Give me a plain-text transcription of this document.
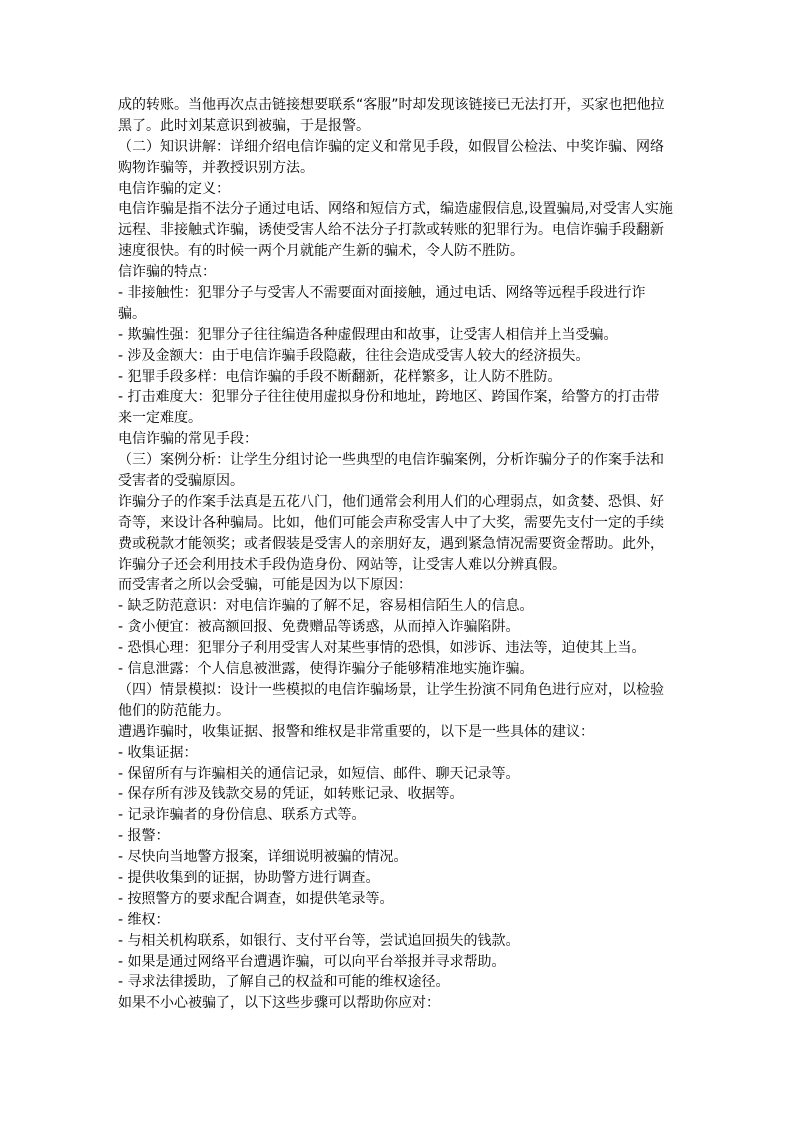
成的转账。当他再次点击链接想要联系“客服”时却发现该链接已无法打开，买家也把他拉
黑了。此时刘某意识到被骗，于是报警。
（二）知识讲解：详细介绍电信诈骗的定义和常见手段，如假冒公检法、中奖诈骗、网络
购物诈骗等，并教授识别方法。
电信诈骗的定义：
电信诈骗是指不法分子通过电话、网络和短信方式，编造虚假信息,设置骗局,对受害人实施
远程、非接触式诈骗，诱使受害人给不法分子打款或转账的犯罪行为。电信诈骗手段翻新
速度很快。有的时候一两个月就能产生新的骗术，令人防不胜防。
信诈骗的特点：
- 非接触性：犯罪分子与受害人不需要面对面接触，通过电话、网络等远程手段进行诈
骗。
- 欺骗性强：犯罪分子往往编造各种虚假理由和故事，让受害人相信并上当受骗。
- 涉及金额大：由于电信诈骗手段隐蔽，往往会造成受害人较大的经济损失。
- 犯罪手段多样：电信诈骗的手段不断翻新，花样繁多，让人防不胜防。
- 打击难度大：犯罪分子往往使用虚拟身份和地址，跨地区、跨国作案，给警方的打击带
来一定难度。
电信诈骗的常见手段：
（三）案例分析：让学生分组讨论一些典型的电信诈骗案例，分析诈骗分子的作案手法和
受害者的受骗原因。
诈骗分子的作案手法真是五花八门，他们通常会利用人们的心理弱点，如贪婪、恐惧、好
奇等，来设计各种骗局。比如，他们可能会声称受害人中了大奖，需要先支付一定的手续
费或税款才能领奖；或者假装是受害人的亲朋好友，遇到紧急情况需要资金帮助。此外，
诈骗分子还会利用技术手段伪造身份、网站等，让受害人难以分辨真假。
而受害者之所以会受骗，可能是因为以下原因：
- 缺乏防范意识：对电信诈骗的了解不足，容易相信陌生人的信息。
- 贪小便宜：被高额回报、免费赠品等诱惑，从而掉入诈骗陷阱。
- 恐惧心理：犯罪分子利用受害人对某些事情的恐惧，如涉诉、违法等，迫使其上当。
- 信息泄露：个人信息被泄露，使得诈骗分子能够精准地实施诈骗。
（四）情景模拟：设计一些模拟的电信诈骗场景，让学生扮演不同角色进行应对，以检验
他们的防范能力。
遭遇诈骗时，收集证据、报警和维权是非常重要的，以下是一些具体的建议：
- 收集证据：
- 保留所有与诈骗相关的通信记录，如短信、邮件、聊天记录等。
- 保存所有涉及钱款交易的凭证，如转账记录、收据等。
- 记录诈骗者的身份信息、联系方式等。
- 报警：
- 尽快向当地警方报案，详细说明被骗的情况。
- 提供收集到的证据，协助警方进行调查。
- 按照警方的要求配合调查，如提供笔录等。
- 维权：
- 与相关机构联系，如银行、支付平台等，尝试追回损失的钱款。
- 如果是通过网络平台遭遇诈骗，可以向平台举报并寻求帮助。
- 寻求法律援助，了解自己的权益和可能的维权途径。
如果不小心被骗了，以下这些步骤可以帮助你应对：
